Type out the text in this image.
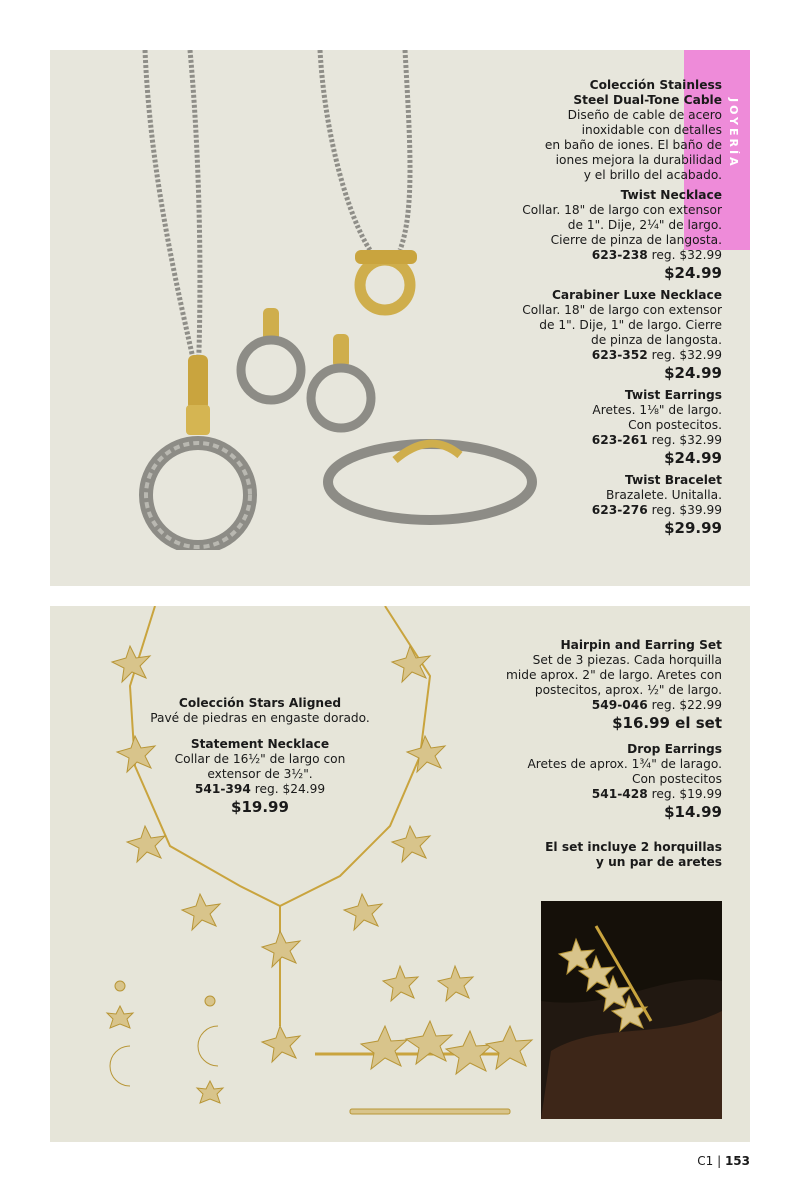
JOYERÍA
Colección Stainless
Steel Dual-Tone Cable
Diseño de cable de acero
inoxidable con detalles
en baño de iones. El baño de
iones mejora la durabilidad
y el brillo del acabado.
Twist Necklace
Collar. 18" de largo con extensor
de 1". Dije, 2¼" de largo.
Cierre de pinza de langosta.
623-238 reg. $32.99
$24.99
Carabiner Luxe Necklace
Collar. 18" de largo con extensor
de 1". Dije, 1" de largo. Cierre
de pinza de langosta.
623-352 reg. $32.99
$24.99
Twist Earrings
Aretes. 1⅛" de largo.
Con postecitos.
623-261 reg. $32.99
$24.99
Twist Bracelet
Brazalete. Unitalla.
623-276 reg. $39.99
$29.99
Colección Stars Aligned
Pavé de piedras en engaste dorado.
Statement Necklace
Collar de 16½" de largo con
extensor de 3½".
541-394 reg. $24.99
$19.99
Hairpin and Earring Set
Set de 3 piezas. Cada horquilla
mide aprox. 2" de largo. Aretes con
postecitos, aprox. ½" de largo.
549-046 reg. $22.99
$16.99 el set
Drop Earrings
Aretes de aprox. 1¾" de larago.
Con postecitos
541-428 reg. $19.99
$14.99
El set incluye 2 horquillas
y un par de aretes
C1 | 153
